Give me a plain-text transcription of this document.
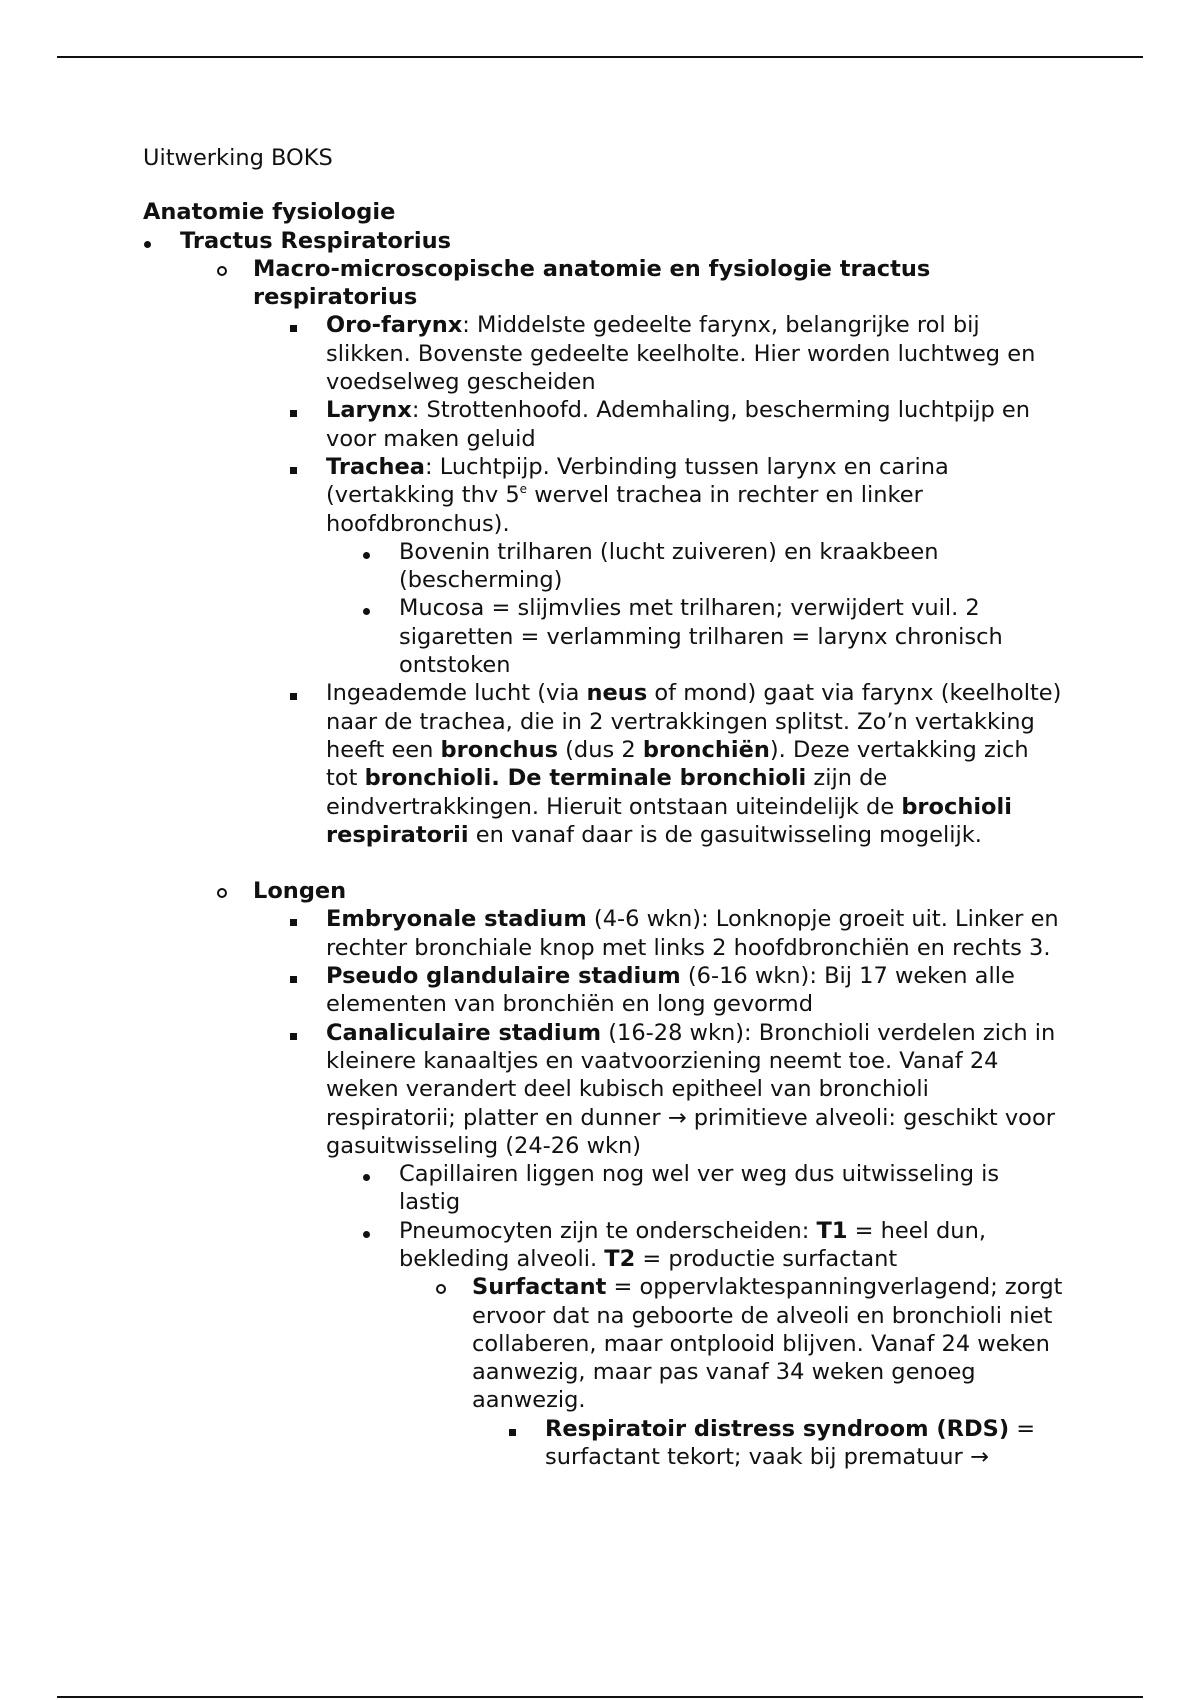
Uitwerking BOKS
Anatomie fysiologie
Tractus Respiratorius
Macro-microscopische anatomie en fysiologie tractus respiratorius
Oro-farynx: Middelste gedeelte farynx, belangrijke rol bij slikken. Bovenste gedeelte keelholte. Hier worden luchtweg en voedselweg gescheiden
Larynx: Strottenhoofd. Ademhaling, bescherming luchtpijp en voor maken geluid
Trachea: Luchtpijp. Verbinding tussen larynx en carina (vertakking thv 5e wervel trachea in rechter en linker hoofdbronchus).
Bovenin trilharen (lucht zuiveren) en kraakbeen (bescherming)
Mucosa = slijmvlies met trilharen; verwijdert vuil. 2 sigaretten = verlamming trilharen = larynx chronisch ontstoken
Ingeademde lucht (via neus of mond) gaat via farynx (keelholte) naar de trachea, die in 2 vertrakkingen splitst. Zo’n vertakking heeft een bronchus (dus 2 bronchiën). Deze vertakking zich tot bronchioli. De terminale bronchioli zijn de eindvertrakkingen. Hieruit ontstaan uiteindelijk de brochioli respiratorii en vanaf daar is de gasuitwisseling mogelijk.
Longen
Embryonale stadium (4-6 wkn): Lonknopje groeit uit. Linker en rechter bronchiale knop met links 2 hoofdbronchiën en rechts 3.
Pseudo glandulaire stadium (6-16 wkn): Bij 17 weken alle elementen van bronchiën en long gevormd
Canaliculaire stadium (16-28 wkn): Bronchioli verdelen zich in kleinere kanaaltjes en vaatvoorziening neemt toe. Vanaf 24 weken verandert deel kubisch epitheel van bronchioli respiratorii; platter en dunner → primitieve alveoli: geschikt voor gasuitwisseling (24-26 wkn)
Capillairen liggen nog wel ver weg dus uitwisseling is lastig
Pneumocyten zijn te onderscheiden: T1 = heel dun, bekleding alveoli. T2 = productie surfactant
Surfactant = oppervlaktespanningverlagend; zorgt ervoor dat na geboorte de alveoli en bronchioli niet collaberen, maar ontplooid blijven. Vanaf 24 weken aanwezig, maar pas vanaf 34 weken genoeg aanwezig.
Respiratoir distress syndroom (RDS) = surfactant tekort; vaak bij prematuur →
